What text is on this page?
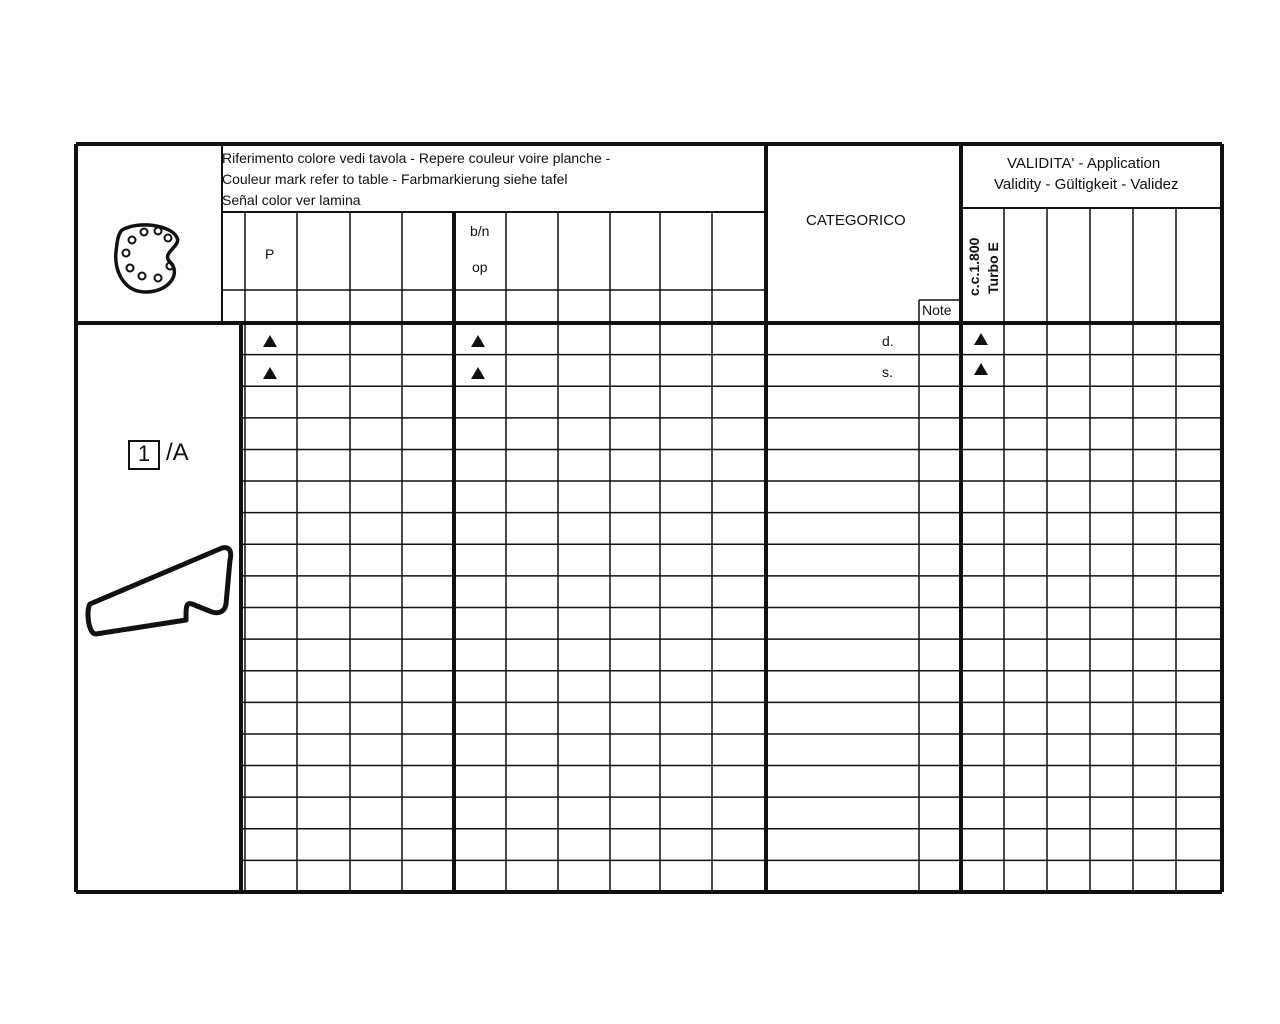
Riferimento colore vedi tavola - Repere couleur voire planche -
Couleur mark refer to table - Farbmarkierung siehe tafel
Señal color ver lamina
P
b/n
op
CATEGORICO
Note
VALIDITA' - Application
Validity - Gültigkeit - Validez
c.c.1.800 Turbo E
1 /A
d.
s.
